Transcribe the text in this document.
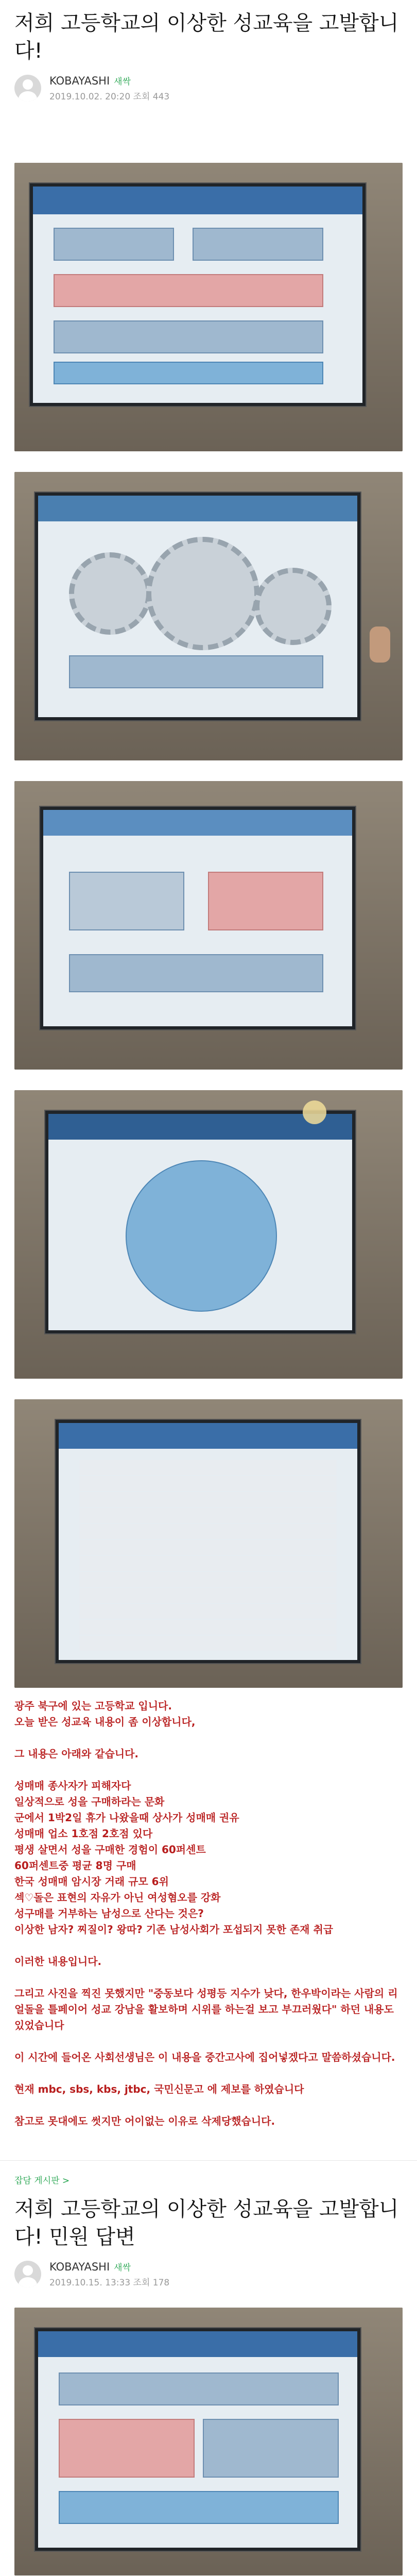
저희 고등학교의 이상한 성교육을 고발합니다!
KOBAYASHI 새싹
2019.10.02. 20:20 조회 443

광주 북구에 있는 고등학교 입니다.

오늘 받은 성교육 내용이 좀 이상합니다,

그 내용은 아래와 같습니다.

성매매 종사자가 피해자다

일상적으로 성을 구매하라는 문화

군에서 1박2일 휴가 나왔을때 상사가 성매매 권유

성매매 업소 1호점 2호점 있다

평생 살면서 성을 구매한 경험이 60퍼센트

60퍼센트중 평균 8명 구매

한국 성매매 암시장 거래 규모 6위

섹♡돌은 표현의 자유가 아닌 여성혐오를 강화

성구매를 거부하는 남성으로 산다는 것은?

이상한 남자? 찌질이? 왕따? 기존 남성사회가 포섭되지 못한 존재 취급

이러한 내용입니다.

그리고 사진을 찍진 못했지만 "중동보다 성평등 지수가 낮다, 한우박이라는 사람의 리얼돌을 틀페이어 성교 강남을 활보하며 시위를 하는걸 보고 부끄러웠다" 하던 내용도 있었습니다

이 시간에 들어온 사회선생님은 이 내용을 중간고사에 집어넣겠다고 말씀하셨습니다.

현재 mbc, sbs, kbs, jtbc, 국민신문고 에 제보를 하였습니다

참고로 못대에도 썻지만 어이없는 이유로 삭제당했습니다.

잡담 게시판 >
저희 고등학교의 이상한 성교육을 고발합니다! 민원 답변
KOBAYASHI 새싹
2019.10.15. 13:33 조회 178
